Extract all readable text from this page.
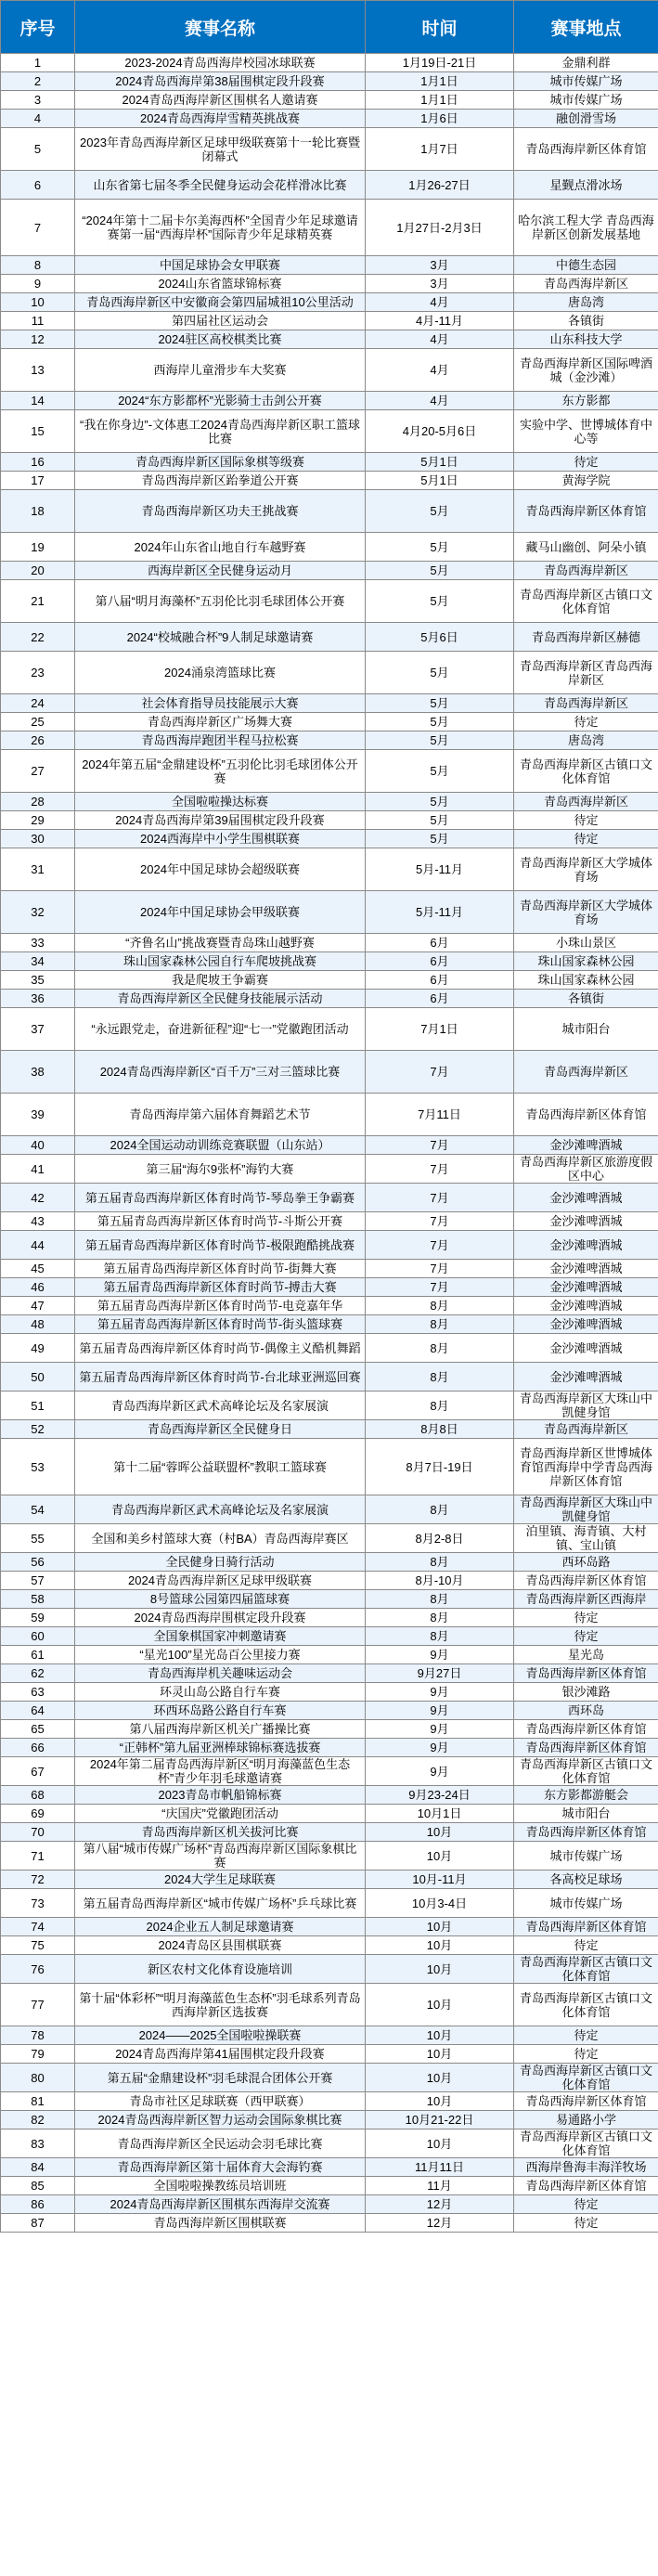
序号	赛事名称	时间	赛事地点
1	2023-2024青岛西海岸校园冰球联赛	1月19日-21日	金鼎利群
2	2024青岛西海岸第38届围棋定段升段赛	1月1日	城市传媒广场
3	2024青岛西海岸新区围棋名人邀请赛	1月1日	城市传媒广场
4	2024青岛西海岸雪精英挑战赛	1月6日	融创滑雪场
5	2023年青岛西海岸新区足球甲级联赛第十一轮比赛暨闭幕式	1月7日	青岛西海岸新区体育馆
6	山东省第七届冬季全民健身运动会花样滑冰比赛	1月26-27日	星觐点滑冰场
7	“2024年第十二届卡尔美海西杯”全国青少年足球邀请赛第一届“西海岸杯”国际青少年足球精英赛	1月27日-2月3日	哈尔滨工程大学 青岛西海岸新区创新发展基地
8	中国足球协会女甲联赛	3月	中德生态园
9	2024山东省篮球锦标赛	3月	青岛西海岸新区
10	青岛西海岸新区中安徽商会第四届城祖10公里活动	4月	唐岛湾
11	第四届社区运动会	4月-11月	各镇街
12	2024驻区高校棋类比赛	4月	山东科技大学
13	西海岸儿童滑步车大奖赛	4月	青岛西海岸新区国际啤酒城（金沙滩）
14	2024“东方影都杯”光影骑士击剑公开赛	4月	东方影都
15	“我在你身边”-文体惠工2024青岛西海岸新区职工篮球比赛	4月20-5月6日	实验中学、世博城体育中心等
16	青岛西海岸新区国际象棋等级赛	5月1日	待定
17	青岛西海岸新区跆拳道公开赛	5月1日	黄海学院
18	青岛西海岸新区功夫王挑战赛	5月	青岛西海岸新区体育馆
19	2024年山东省山地自行车越野赛	5月	藏马山幽创、阿朵小镇
20	西海岸新区全民健身运动月	5月	青岛西海岸新区
21	第八届“明月海藻杯”五羽伦比羽毛球团体公开赛	5月	青岛西海岸新区古镇口文化体育馆
22	2024“校城融合杯”9人制足球邀请赛	5月6日	青岛西海岸新区赫德
23	2024涌泉湾篮球比赛	5月	青岛西海岸新区青岛西海岸新区
24	社会体育指导员技能展示大赛	5月	青岛西海岸新区
25	青岛西海岸新区广场舞大赛	5月	待定
26	青岛西海岸跑团半程马拉松赛	5月	唐岛湾
27	2024年第五届“金鼎建设杯”五羽伦比羽毛球团体公开赛	5月	青岛西海岸新区古镇口文化体育馆
28	全国啦啦操达标赛	5月	青岛西海岸新区
29	2024青岛西海岸第39届围棋定段升段赛	5月	待定
30	2024西海岸中小学生围棋联赛	5月	待定
31	2024年中国足球协会超级联赛	5月-11月	青岛西海岸新区大学城体育场
32	2024年中国足球协会甲级联赛	5月-11月	青岛西海岸新区大学城体育场
33	“齐鲁名山”挑战赛暨青岛珠山越野赛	6月	小珠山景区
34	珠山国家森林公园自行车爬坡挑战赛	6月	珠山国家森林公园
35	我是爬坡王争霸赛	6月	珠山国家森林公园
36	青岛西海岸新区全民健身技能展示活动	6月	各镇街
37	“永远跟党走，奋进新征程”迎“七一”党徽跑团活动	7月1日	城市阳台
38	2024青岛西海岸新区“百千万”三对三篮球比赛	7月	青岛西海岸新区
39	青岛西海岸第六届体育舞蹈艺术节	7月11日	青岛西海岸新区体育馆
40	2024全国运动动训练竞赛联盟（山东站）	7月	金沙滩啤酒城
41	第三届“海尔9张杯”海钓大赛	7月	青岛西海岸新区旅游度假区中心
42	第五届青岛西海岸新区体育时尚节-琴岛拳王争霸赛	7月	金沙滩啤酒城
43	第五届青岛西海岸新区体育时尚节-斗斯公开赛	7月	金沙滩啤酒城
44	第五届青岛西海岸新区体育时尚节-极限跑酷挑战赛	7月	金沙滩啤酒城
45	第五届青岛西海岸新区体育时尚节-街舞大赛	7月	金沙滩啤酒城
46	第五届青岛西海岸新区体育时尚节-搏击大赛	7月	金沙滩啤酒城
47	第五届青岛西海岸新区体育时尚节-电竞嘉年华	8月	金沙滩啤酒城
48	第五届青岛西海岸新区体育时尚节-街头篮球赛	8月	金沙滩啤酒城
49	第五届青岛西海岸新区体育时尚节-偶像主义酷机舞蹈	8月	金沙滩啤酒城
50	第五届青岛西海岸新区体育时尚节-台北球亚洲巡回赛	8月	金沙滩啤酒城
51	青岛西海岸新区武术高峰论坛及名家展演	8月	青岛西海岸新区大珠山中凯健身馆
52	青岛西海岸新区全民健身日	8月8日	青岛西海岸新区
53	第十二届“蓉晖公益联盟杯”教职工篮球赛	8月7日-19日	青岛西海岸新区世博城体育馆西海岸中学青岛西海岸新区体育馆
54	青岛西海岸新区武术高峰论坛及名家展演	8月	青岛西海岸新区大珠山中凯健身馆
55	全国和美乡村篮球大赛（村BA）青岛西海岸赛区	8月2-8日	泊里镇、海青镇、大村镇、宝山镇
56	全民健身日骑行活动	8月	西环岛路
57	2024青岛西海岸新区足球甲级联赛	8月-10月	青岛西海岸新区体育馆
58	8号篮球公园第四届篮球赛	8月	青岛西海岸新区西海岸
59	2024青岛西海岸围棋定段升段赛	8月	待定
60	全国象棋国家冲刺邀请赛	8月	待定
61	“星光100”星光岛百公里接力赛	9月	星光岛
62	青岛西海岸机关趣味运动会	9月27日	青岛西海岸新区体育馆
63	环灵山岛公路自行车赛	9月	银沙滩路
64	环西环岛路公路自行车赛	9月	西环岛
65	第八届西海岸新区机关广播操比赛	9月	青岛西海岸新区体育馆
66	“正韩杯”第九届亚洲棒球锦标赛选拔赛	9月	青岛西海岸新区体育馆
67	2024年第二届青岛西海岸新区“明月海藻蓝色生态杯”青少年羽毛球邀请赛	9月	青岛西海岸新区古镇口文化体育馆
68	2023青岛市帆船锦标赛	9月23-24日	东方影都游艇会
69	“庆国庆”党徽跑团活动	10月1日	城市阳台
70	青岛西海岸新区机关拔河比赛	10月	青岛西海岸新区体育馆
71	第八届“城市传媒广场杯”青岛西海岸新区国际象棋比赛	10月	城市传媒广场
72	2024大学生足球联赛	10月-11月	各高校足球场
73	第五届青岛西海岸新区“城市传媒广场杯”乒乓球比赛	10月3-4日	城市传媒广场
74	2024企业五人制足球邀请赛	10月	青岛西海岸新区体育馆
75	2024青岛区县围棋联赛	10月	待定
76	新区农村文化体育设施培训	10月	青岛西海岸新区古镇口文化体育馆
77	第十届“体彩杯”“明月海藻蓝色生态杯”羽毛球系列青岛西海岸新区选拔赛	10月	青岛西海岸新区古镇口文化体育馆
78	2024——2025全国啦啦操联赛	10月	待定
79	2024青岛西海岸第41届围棋定段升段赛	10月	待定
80	第五届“金鼎建设杯”羽毛球混合团体公开赛	10月	青岛西海岸新区古镇口文化体育馆
81	青岛市社区足球联赛（西甲联赛）	10月	青岛西海岸新区体育馆
82	2024青岛西海岸新区智力运动会国际象棋比赛	10月21-22日	易通路小学
83	青岛西海岸新区全民运动会羽毛球比赛	10月	青岛西海岸新区古镇口文化体育馆
84	青岛西海岸新区第十届体育大会海钓赛	11月11日	西海岸鲁海丰海洋牧场
85	全国啦啦操教练员培训班	11月	青岛西海岸新区体育馆
86	2024青岛西海岸新区围棋东西海岸交流赛	12月	待定
87	青岛西海岸新区围棋联赛	12月	待定
